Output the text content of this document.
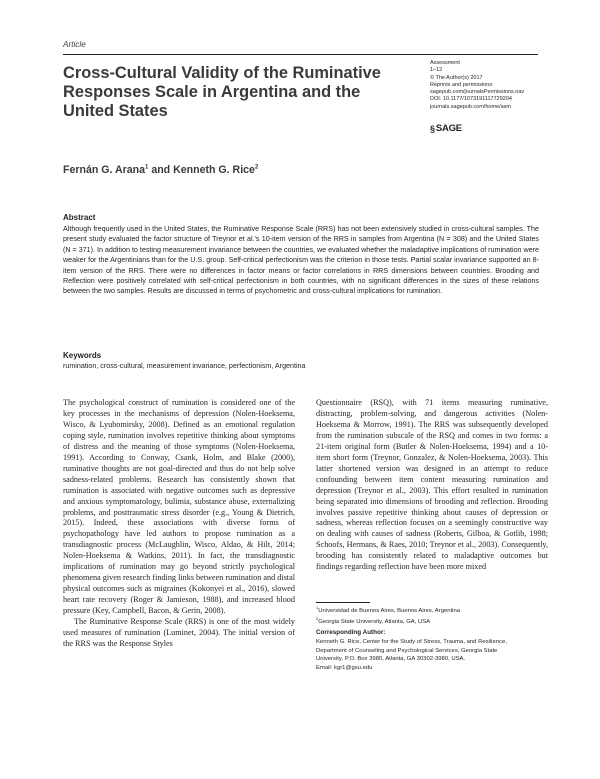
Article
Cross-Cultural Validity of the Ruminative Responses Scale in Argentina and the United States
Assessment
1–12
© The Author(s) 2017
Reprints and permissions:
sagepub.com/journalsPermissions.nav
DOI: 10.1177/1073191117729204
journals.sagepub.com/home/asm
§ SAGE
Fernán G. Arana$^1$ and Kenneth G. Rice$^2$
Abstract

Although frequently used in the United States, the Ruminative Response Scale (RRS) has not been extensively studied in cross-cultural samples. The present study evaluated the factor structure of Treynor et al.'s 10-item version of the RRS in samples from Argentina (N = 308) and the United States (N = 371). In addition to testing measurement invariance between the countries, we evaluated whether the maladaptive implications of rumination were weaker for the Argentinians than for the U.S. group. Self-critical perfectionism was the criterion in those tests. Partial scalar invariance supported an 8-item version of the RRS. There were no differences in factor means or factor correlations in RRS dimensions between countries. Brooding and Reflection were positively correlated with self-critical perfectionism in both countries, with no significant differences in the sizes of these relations between the two samples. Results are discussed in terms of psychometric and cross-cultural implications for rumination.

Keywords
rumination, cross-cultural, measurement invariance, perfectionism, Argentina

The psychological construct of rumination is considered one of the key processes in the mechanisms of depression (Nolen-Hoeksema, Wisco, & Lyubomirsky, 2008). Defined as an emotional regulation coping style, rumination involves repetitive thinking about symptoms of distress and the meaning of those symptoms (Nolen-Hoeksema, 1991). According to Conway, Csank, Holm, and Blake (2000), ruminative thoughts are not goal-directed and thus do not help solve sadness-related problems. Research has consistently shown that rumination is associated with negative outcomes such as depressive and anxious symptomatology, bulimia, substance abuse, externalizing problems, and posttraumatic stress disorder (e.g., Young & Dietrich, 2015). Indeed, these associations with diverse forms of psychopathology have led authors to propose rumination as a transdiagnostic process (McLaughlin, Wisco, Aldao, & Hilt, 2014; Nolen-Hoeksema & Watkins, 2011). In fact, the transdiagnostic implications of rumination may go beyond strictly psychological phenomena given research finding links between rumination and distal physical outcomes such as migraines (Kokonyei et al., 2016), slowed heart rate recovery (Roger & Jamieson, 1988), and increased blood pressure (Key, Campbell, Bacon, & Gerin, 2008).

The Ruminative Response Scale (RRS) is one of the most widely used measures of rumination (Luminet, 2004). The initial version of the RRS was the Response Styles

Questionnaire (RSQ), with 71 items measuring ruminative, distracting, problem-solving, and dangerous activities (Nolen-Hoeksema & Morrow, 1991). The RRS was subsequently developed from the rumination subscale of the RSQ and comes in two forms: a 21-item original form (Butler & Nolen-Hoeksema, 1994) and a 10-item short form (Treynor, Gonzalez, & Nolen-Hoeksema, 2003). This latter shortened version was designed in an attempt to reduce confounding between item content measuring rumination and depression (Treynor et al., 2003). This effort resulted in rumination being separated into dimensions of brooding and reflection. Brooding involves passive repetitive thinking about causes of depression or sadness, whereas reflection focuses on a seemingly constructive way on dealing with causes of sadness (Roberts, Gilboa, & Gotlib, 1998; Schoofs, Hermans, & Raes, 2010; Treynor et al., 2003). Consequently, brooding has consistently related to maladaptive outcomes but findings regarding reflection have been more mixed

$^1$Universidad de Buenos Aires, Buenos Aires, Argentina
$^2$Georgia State University, Atlanta, GA, USA
Corresponding Author:
Kenneth G. Rice, Center for the Study of Stress, Trauma, and Resilience,
Department of Counseling and Psychological Services, Georgia State
University, P.O. Box 3980, Atlanta, GA 30302-3980, USA.
Email: kgr1@gsu.edu
